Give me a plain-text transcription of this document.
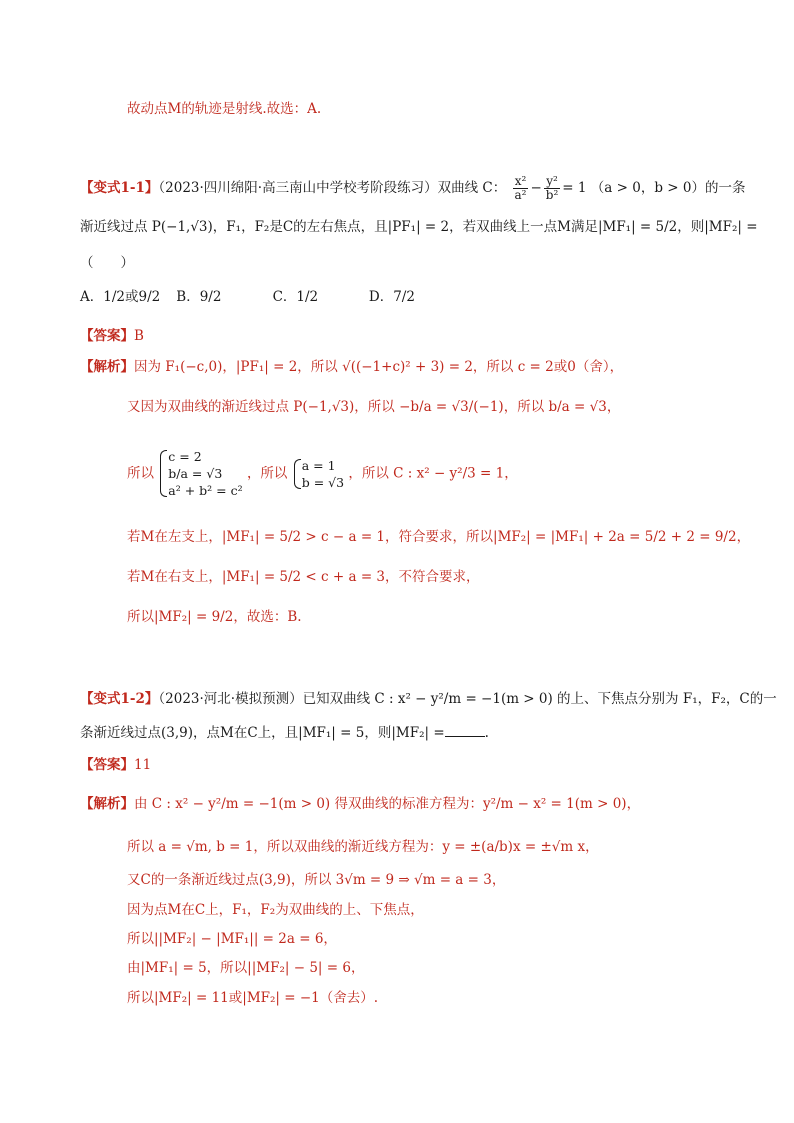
故动点M的轨迹是射线.故选：A.
【变式1-1】（2023·四川绵阳·高三南山中学校考阶段练习）双曲线 C： $\frac{\text{x²}}{\text{a²}} - \frac{\text{y²}}{\text{b²}} = 1$ （a > 0，b > 0）的一条
渐近线过点 P(−1,√3)，F₁，F₂是C的左右焦点，且|PF₁| = 2，若双曲线上一点M满足|MF₁| = 5/2，则|MF₂| =
（　　）
A．1/2或9/2 B．9/2	C．1/2	D．7/2
【答案】B
【解析】因为 F₁(−c,0)，|PF₁| = 2，所以 √((−1+c)² + 3) = 2，所以 c = 2或0（舍），
又因为双曲线的渐近线过点 P(−1,√3)，所以 −b/a = √3/(−1)，所以 b/a = √3，
所以
c = 2
b/a = √3
a² + b² = c²
，所以
a = 1
b = √3
，所以 C : x² − y²/3 = 1，
若M在左支上，|MF₁| = 5/2 > c − a = 1，符合要求，所以|MF₂| = |MF₁| + 2a = 5/2 + 2 = 9/2，
若M在右支上，|MF₁| = 5/2 < c + a = 3，不符合要求，
所以|MF₂| = 9/2，故选：B.
【变式1-2】（2023·河北·模拟预测）已知双曲线 C : x² − y²/m = −1(m > 0) 的上、下焦点分别为 F₁，F₂，C的一
条渐近线过点(3,9)，点M在C上，且|MF₁| = 5，则|MF₂| =	.
【答案】11
【解析】由 C : x² − y²/m = −1(m > 0) 得双曲线的标准方程为：y²/m − x² = 1(m > 0)，
所以 a = √m, b = 1，所以双曲线的渐近线方程为：y = ±(a/b)x = ±√m x，
又C的一条渐近线过点(3,9)，所以 3√m = 9 ⇒ √m = a = 3，
因为点M在C上，F₁，F₂为双曲线的上、下焦点，
所以||MF₂| − |MF₁|| = 2a = 6，
由|MF₁| = 5，所以||MF₂| − 5| = 6，
所以|MF₂| = 11或|MF₂| = −1（舍去）.
